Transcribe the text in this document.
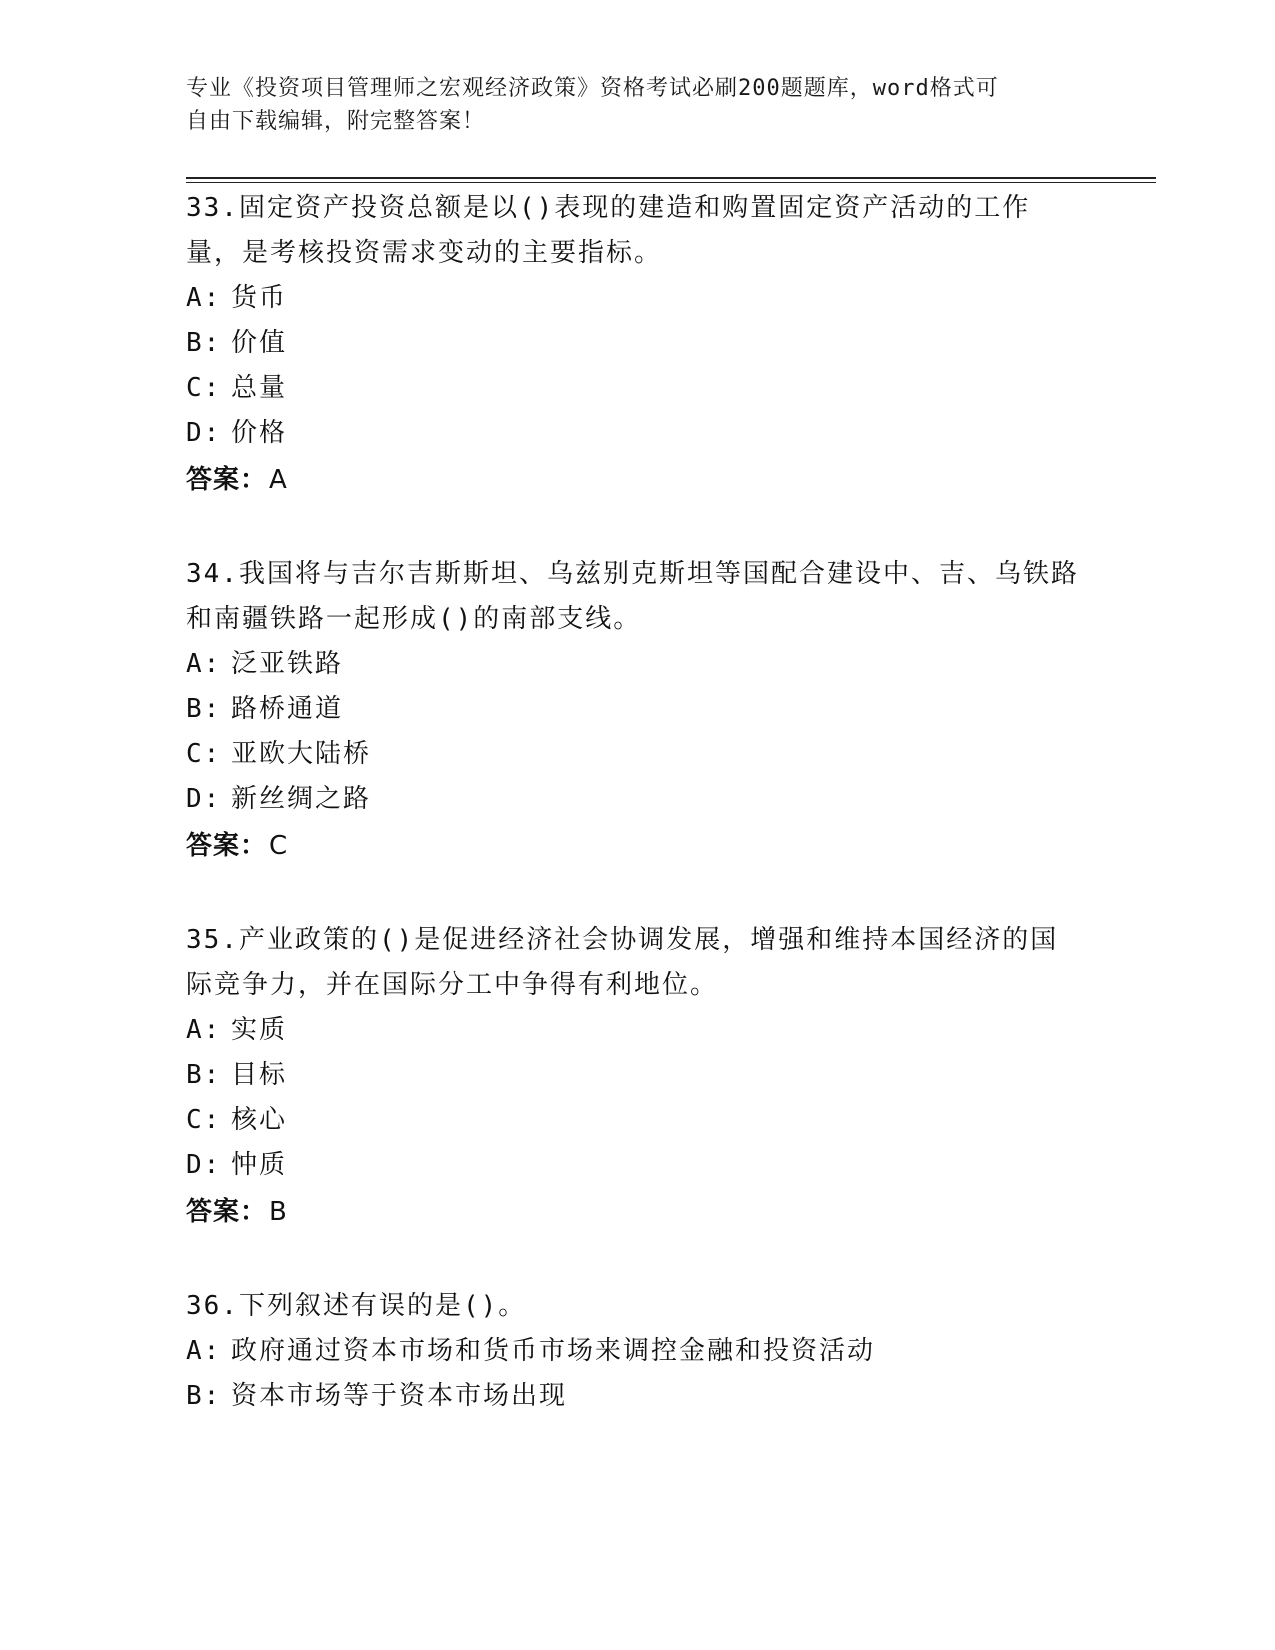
专业《投资项目管理师之宏观经济政策》资格考试必刷200题题库，word格式可
自由下载编辑，附完整答案！
33.固定资产投资总额是以()表现的建造和购置固定资产活动的工作量，是考核投资需求变动的主要指标。
A: 货币
B: 价值
C: 总量
D: 价格
答案：A
34.我国将与吉尔吉斯斯坦、乌兹别克斯坦等国配合建设中、吉、乌铁路和南疆铁路一起形成()的南部支线。
A: 泛亚铁路
B: 路桥通道
C: 亚欧大陆桥
D: 新丝绸之路
答案：C
35.产业政策的()是促进经济社会协调发展，增强和维持本国经济的国际竞争力，并在国际分工中争得有利地位。
A: 实质
B: 目标
C: 核心
D: 忡质
答案：B
36.下列叙述有误的是()。
A: 政府通过资本市场和货币市场来调控金融和投资活动
B: 资本市场等于资本市场出现
